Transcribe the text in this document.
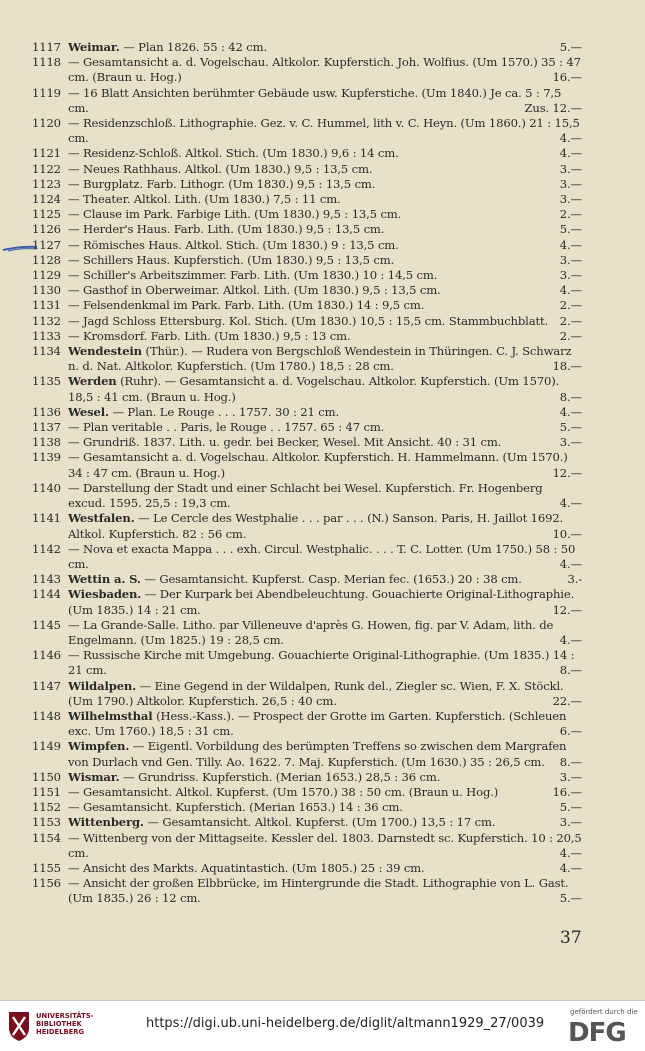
1117 Weimar. — Plan 1826. 55 : 42 cm.	5.—
1118 — Gesamtansicht a. d. Vogelschau. Altkolor. Kupferstich. Joh. Wolfius. (Um 1570.) 35 : 47 cm. (Braun u. Hog.)	16.—
1119 — 16 Blatt Ansichten berühmter Gebäude usw. Kupferstiche. (Um 1840.) Je ca. 5 : 7,5 cm.	Zus. 12.—
1120 — Residenzschloß. Lithographie. Gez. v. C. Hummel, lith v. C. Heyn. (Um 1860.) 21 : 15,5 cm.	4.—
1121 — Residenz-Schloß. Altkol. Stich. (Um 1830.) 9,6 : 14 cm.	4.—
1122 — Neues Rathhaus. Altkol. (Um 1830.) 9,5 : 13,5 cm.	3.—
1123 — Burgplatz. Farb. Lithogr. (Um 1830.) 9,5 : 13,5 cm.	3.—
1124 — Theater. Altkol. Lith. (Um 1830.) 7,5 : 11 cm.	3.—
1125 — Clause im Park. Farbige Lith. (Um 1830.) 9,5 : 13,5 cm.	2.—
1126 — Herder's Haus. Farb. Lith. (Um 1830.) 9,5 : 13,5 cm.	5.—
1127 — Römisches Haus. Altkol. Stich. (Um 1830.) 9 : 13,5 cm.	4.—
1128 — Schillers Haus. Kupferstich. (Um 1830.) 9,5 : 13,5 cm.	3.—
1129 — Schiller's Arbeitszimmer. Farb. Lith. (Um 1830.) 10 : 14,5 cm.	3.—
1130 — Gasthof in Oberweimar. Altkol. Lith. (Um 1830.) 9,5 : 13,5 cm.	4.—
1131 — Felsendenkmal im Park. Farb. Lith. (Um 1830.) 14 : 9,5 cm.	2.—
1132 — Jagd Schloss Ettersburg. Kol. Stich. (Um 1830.) 10,5 : 15,5 cm. Stammbuchblatt. 2.—
1133 — Kromsdorf. Farb. Lith. (Um 1830.) 9,5 : 13 cm.	2.—
1134 Wendestein (Thür.). — Rudera von Bergschloß Wendestein in Thüringen. C. J. Schwarz n. d. Nat. Altkolor. Kupferstich. (Um 1780.) 18,5 : 28 cm.	18.—
1135 Werden (Ruhr). — Gesamtansicht a. d. Vogelschau. Altkolor. Kupferstich. (Um 1570). 18,5 : 41 cm. (Braun u. Hog.)	8.—
1136 Wesel. — Plan. Le Rouge . . . 1757. 30 : 21 cm.	4.—
1137 — Plan veritable . . Paris, le Rouge . . 1757. 65 : 47 cm.	5.—
1138 — Grundriß. 1837. Lith. u. gedr. bei Becker, Wesel. Mit Ansicht. 40 : 31 cm.	3.—
1139 — Gesamtansicht a. d. Vogelschau. Altkolor. Kupferstich. H. Hammelmann. (Um 1570.) 34 : 47 cm. (Braun u. Hog.)	12.—
1140 — Darstellung der Stadt und einer Schlacht bei Wesel. Kupferstich. Fr. Hogenberg excud. 1595. 25,5 : 19,3 cm.	4.—
1141 Westfalen. — Le Cercle des Westphalie . . . par . . . (N.) Sanson. Paris, H. Jaillot 1692. Altkol. Kupferstich. 82 : 56 cm.	10.—
1142 — Nova et exacta Mappa . . . exh. Circul. Westphalic. . . . T. C. Lotter. (Um 1750.) 58 : 50 cm.	4.—
1143 Wettin a. S. — Gesamtansicht. Kupferst. Casp. Merian fec. (1653.) 20 : 38 cm.	3.-
1144 Wiesbaden. — Der Kurpark bei Abendbeleuchtung. Gouachierte Original-Lithographie. (Um 1835.) 14 : 21 cm.	12.—
1145 — La Grande-Salle. Litho. par Villeneuve d'après G. Howen, fig. par V. Adam, lith. de Engelmann. (Um 1825.) 19 : 28,5 cm.	4.—
1146 — Russische Kirche mit Umgebung. Gouachierte Original-Lithographie. (Um 1835.) 14 : 21 cm.	8.—
1147 Wildalpen. — Eine Gegend in der Wildalpen, Runk del., Ziegler sc. Wien, F. X. Stöckl. (Um 1790.) Altkolor. Kupferstich. 26,5 : 40 cm.	22.—
1148 Wilhelmsthal (Hess.-Kass.). — Prospect der Grotte im Garten. Kupferstich. (Schleuen exc. Um 1760.) 18,5 : 31 cm.	6.—
1149 Wimpfen. — Eigentl. Vorbildung des berümpten Treffens so zwischen dem Margrafen von Durlach vnd Gen. Tilly. Ao. 1622. 7. Maj. Kupferstich. (Um 1630.) 35 : 26,5 cm. 8.—
1150 Wismar. — Grundriss. Kupferstich. (Merian 1653.) 28,5 : 36 cm.	3.—
1151 — Gesamtansicht. Altkol. Kupferst. (Um 1570.) 38 : 50 cm. (Braun u. Hog.)	16.—
1152 — Gesamtansicht. Kupferstich. (Merian 1653.) 14 : 36 cm.	5.—
1153 Wittenberg. — Gesamtansicht. Altkol. Kupferst. (Um 1700.) 13,5 : 17 cm.	3.—
1154 — Wittenberg von der Mittagseite. Kessler del. 1803. Darnstedt sc. Kupferstich. 10 : 20,5 cm.	4.—
1155 — Ansicht des Markts. Aquatintastich. (Um 1805.) 25 : 39 cm.	4.—
1156 — Ansicht der großen Elbbrücke, im Hintergrunde die Stadt. Lithographie von L. Gast. (Um 1835.) 26 : 12 cm.	5.—
37
UNIVERSITÄTS-BIBLIOTHEK HEIDELBERG
https://digi.ub.uni-heidelberg.de/diglit/altmann1929_27/0039
gefördert durch die
DFG
